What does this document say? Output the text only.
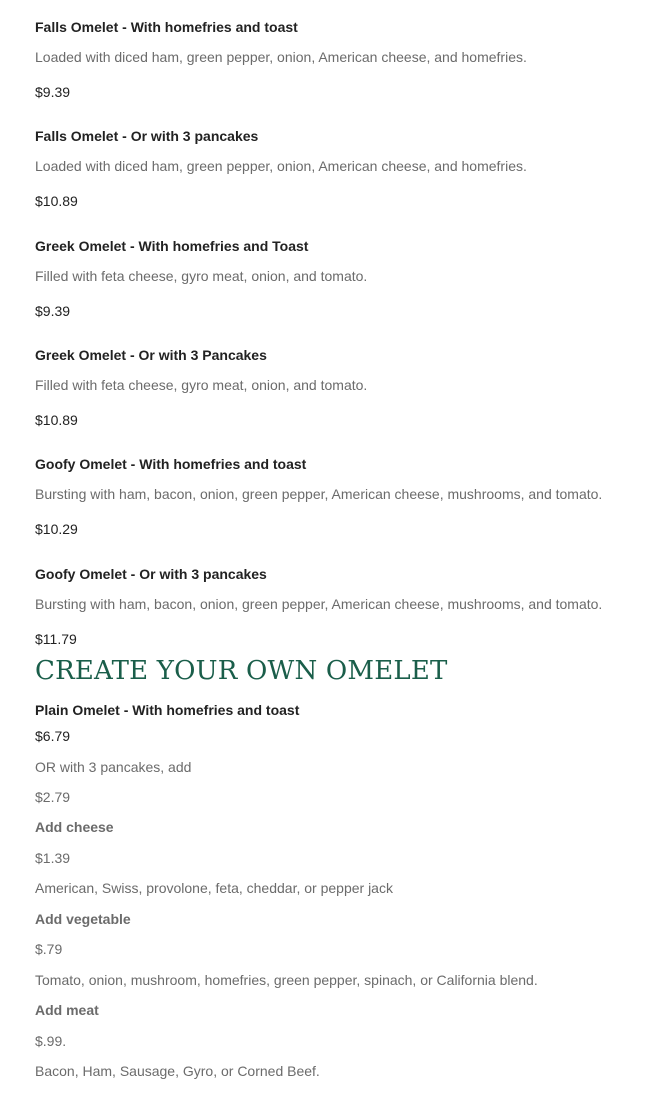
Falls Omelet - With homefries and toast
Loaded with diced ham, green pepper, onion, American cheese, and homefries.
$9.39
Falls Omelet - Or with 3 pancakes
Loaded with diced ham, green pepper, onion, American cheese, and homefries.
$10.89
Greek Omelet - With homefries and Toast
Filled with feta cheese, gyro meat, onion, and tomato.
$9.39
Greek Omelet - Or with 3 Pancakes
Filled with feta cheese, gyro meat, onion, and tomato.
$10.89
Goofy Omelet - With homefries and toast
Bursting with ham, bacon, onion, green pepper, American cheese, mushrooms, and tomato.
$10.29
Goofy Omelet - Or with 3 pancakes
Bursting with ham, bacon, onion, green pepper, American cheese, mushrooms, and tomato.
$11.79
CREATE YOUR OWN OMELET
Plain Omelet - With homefries and toast
$6.79
OR with 3 pancakes, add
$2.79
Add cheese
$1.39
American, Swiss, provolone, feta, cheddar, or pepper jack
Add vegetable
$.79
Tomato, onion, mushroom, homefries, green pepper, spinach, or California blend.
Add meat
$.99.
Bacon, Ham, Sausage, Gyro, or Corned Beef.
